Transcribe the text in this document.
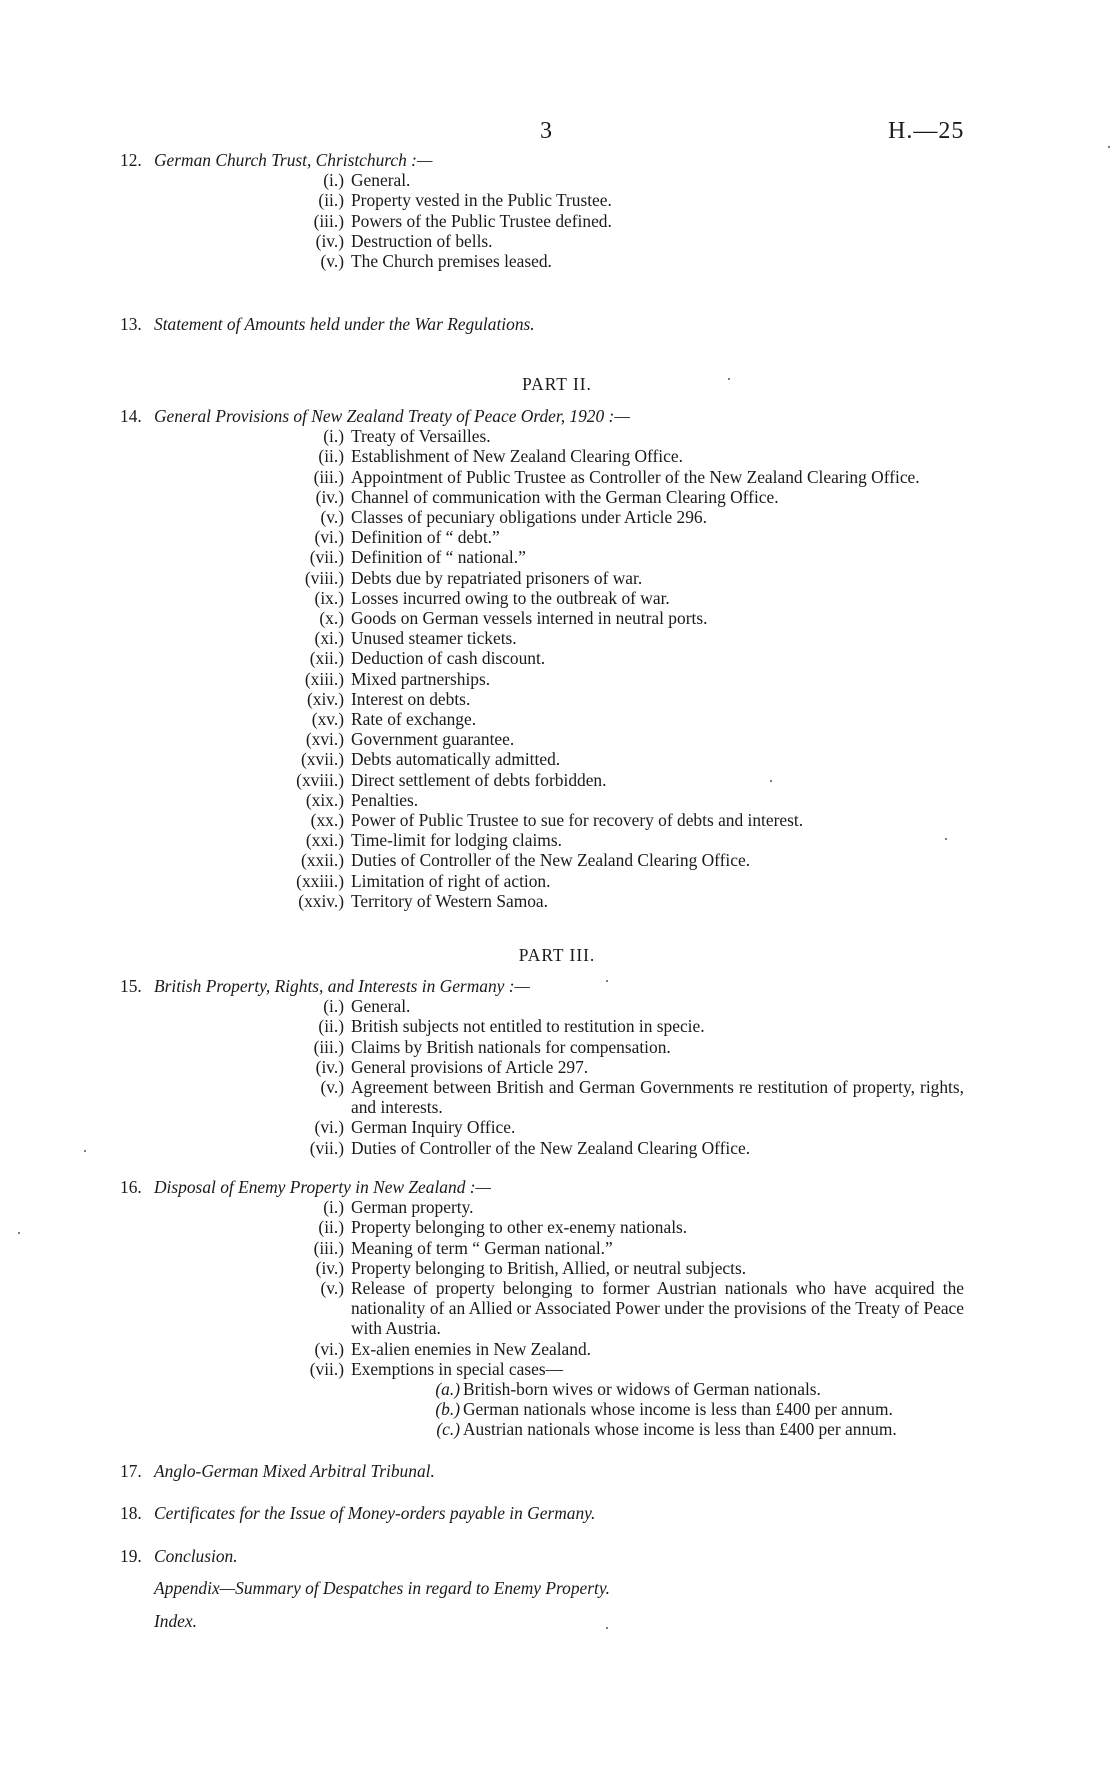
3	H.—25
12. German Church Trust, Christchurch :—
(i.) General.
(ii.) Property vested in the Public Trustee.
(iii.) Powers of the Public Trustee defined.
(iv.) Destruction of bells.
(v.) The Church premises leased.
13. Statement of Amounts held under the War Regulations.
PART II.
14. General Provisions of New Zealand Treaty of Peace Order, 1920 :—
(i.) Treaty of Versailles.
(ii.) Establishment of New Zealand Clearing Office.
(iii.) Appointment of Public Trustee as Controller of the New Zealand Clearing Office.
(iv.) Channel of communication with the German Clearing Office.
(v.) Classes of pecuniary obligations under Article 296.
(vi.) Definition of “ debt.”
(vii.) Definition of “ national.”
(viii.) Debts due by repatriated prisoners of war.
(ix.) Losses incurred owing to the outbreak of war.
(x.) Goods on German vessels interned in neutral ports.
(xi.) Unused steamer tickets.
(xii.) Deduction of cash discount.
(xiii.) Mixed partnerships.
(xiv.) Interest on debts.
(xv.) Rate of exchange.
(xvi.) Government guarantee.
(xvii.) Debts automatically admitted.
(xviii.) Direct settlement of debts forbidden.
(xix.) Penalties.
(xx.) Power of Public Trustee to sue for recovery of debts and interest.
(xxi.) Time-limit for lodging claims.
(xxii.) Duties of Controller of the New Zealand Clearing Office.
(xxiii.) Limitation of right of action.
(xxiv.) Territory of Western Samoa.
PART III.
15. British Property, Rights, and Interests in Germany :—
(i.) General.
(ii.) British subjects not entitled to restitution in specie.
(iii.) Claims by British nationals for compensation.
(iv.) General provisions of Article 297.
(v.) Agreement between British and German Governments re restitution of property, rights, and interests.
(vi.) German Inquiry Office.
(vii.) Duties of Controller of the New Zealand Clearing Office.
16. Disposal of Enemy Property in New Zealand :—
(i.) German property.
(ii.) Property belonging to other ex-enemy nationals.
(iii.) Meaning of term “ German national.”
(iv.) Property belonging to British, Allied, or neutral subjects.
(v.) Release of property belonging to former Austrian nationals who have acquired the nationality of an Allied or Associated Power under the provisions of the Treaty of Peace with Austria.
(vi.) Ex-alien enemies in New Zealand.
(vii.) Exemptions in special cases—
(a.) British-born wives or widows of German nationals.
(b.) German nationals whose income is less than £400 per annum.
(c.) Austrian nationals whose income is less than £400 per annum.
17. Anglo-German Mixed Arbitral Tribunal.
18. Certificates for the Issue of Money-orders payable in Germany.
19. Conclusion.
Appendix—Summary of Despatches in regard to Enemy Property.
Index.
